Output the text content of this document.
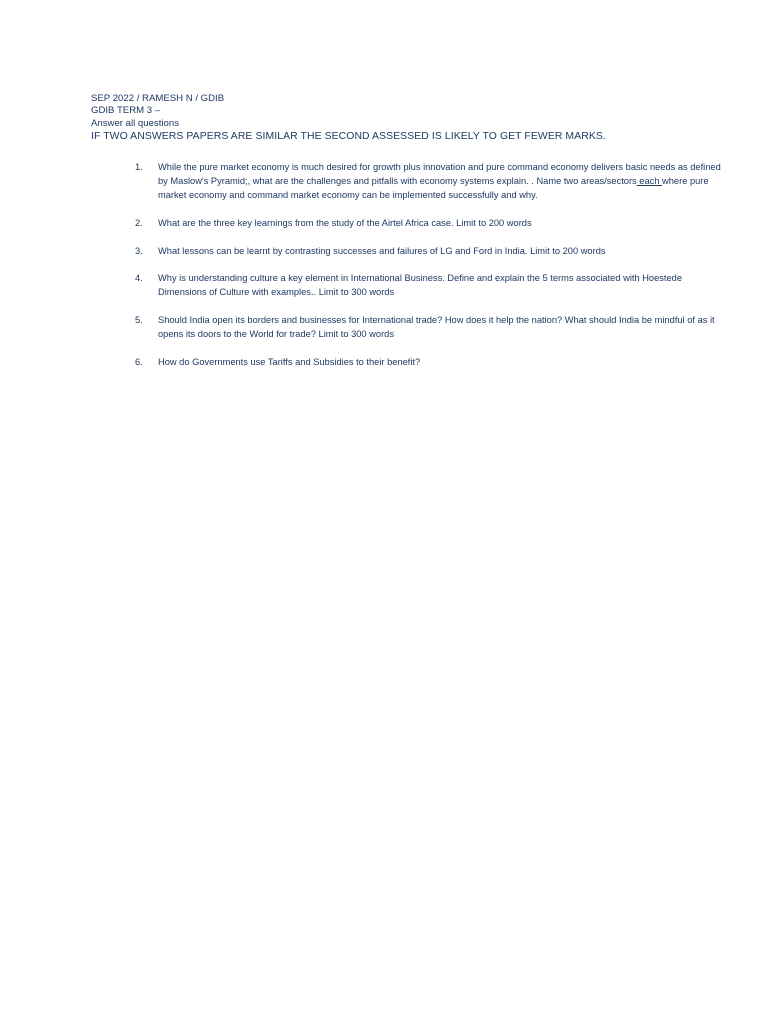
SEP 2022 / RAMESH N / GDIB
GDIB TERM 3 –
Answer all questions
IF TWO ANSWERS PAPERS ARE SIMILAR THE SECOND ASSESSED IS LIKELY TO GET FEWER MARKS.
1.	While the pure market economy is much desired for growth plus innovation and pure command economy delivers basic needs as defined by Maslow's Pyramid;, what are the challenges and pitfalls with economy systems explain. . Name two areas/sectors each where pure market economy and command market economy can be implemented successfully and why.
2.	What are the three key learnings from the study of the Airtel Africa case. Limit to 200 words
3.	What lessons can be learnt by contrasting successes and failures of LG and Ford in India. Limit to 200 words
4.	Why is understanding culture a key element in International Business. Define and explain the 5 terms associated with Hoestede Dimensions of Culture with examples.. Limit to 300 words
5.	Should India open its borders and businesses for International trade? How does it help the nation? What should India be mindful of as it opens its doors to the World for trade? Limit to 300 words
6.	How do Governments use Tariffs and Subsidies to their benefit?
